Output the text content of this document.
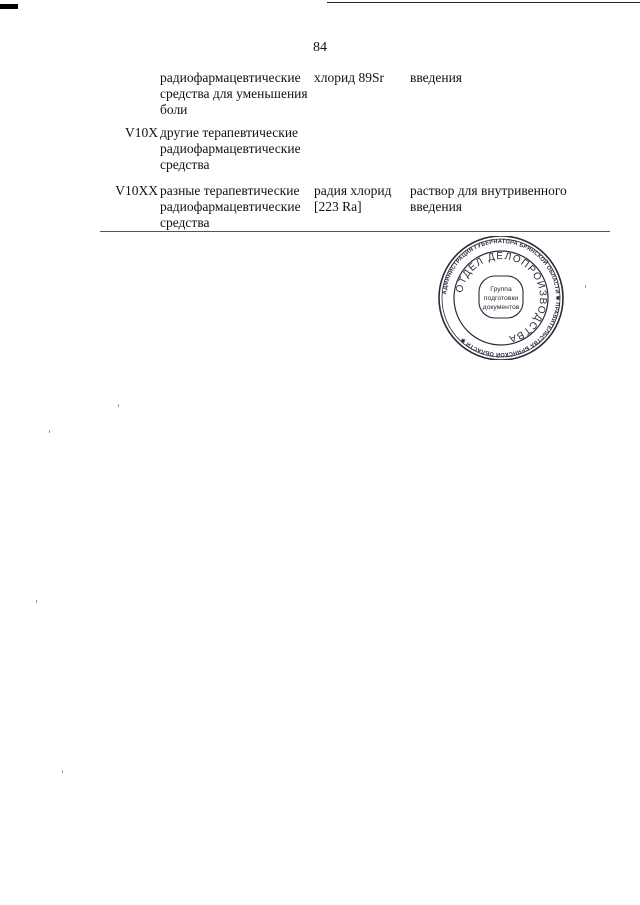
84
радиофармацевтические
средства для уменьшения
боли
хлорид 89Sr	введения
V10X другие терапевтические
радиофармацевтические
средства
V10XX разные терапевтические
радиофармацевтические
средства
радия хлорид
[223 Ra]
раствор для внутривенного
введения
АДМИНИСТРАЦИЯ ГУБЕРНАТОРА БРЯНСКОЙ ОБЛАСТИ ✱ ПРАВИТЕЛЬСТВА БРЯНСКОЙ ОБЛАСТИ ✱
ОТДЕЛ ДЕЛОПРОИЗВОДСТВА
Группа
подготовки
документов
